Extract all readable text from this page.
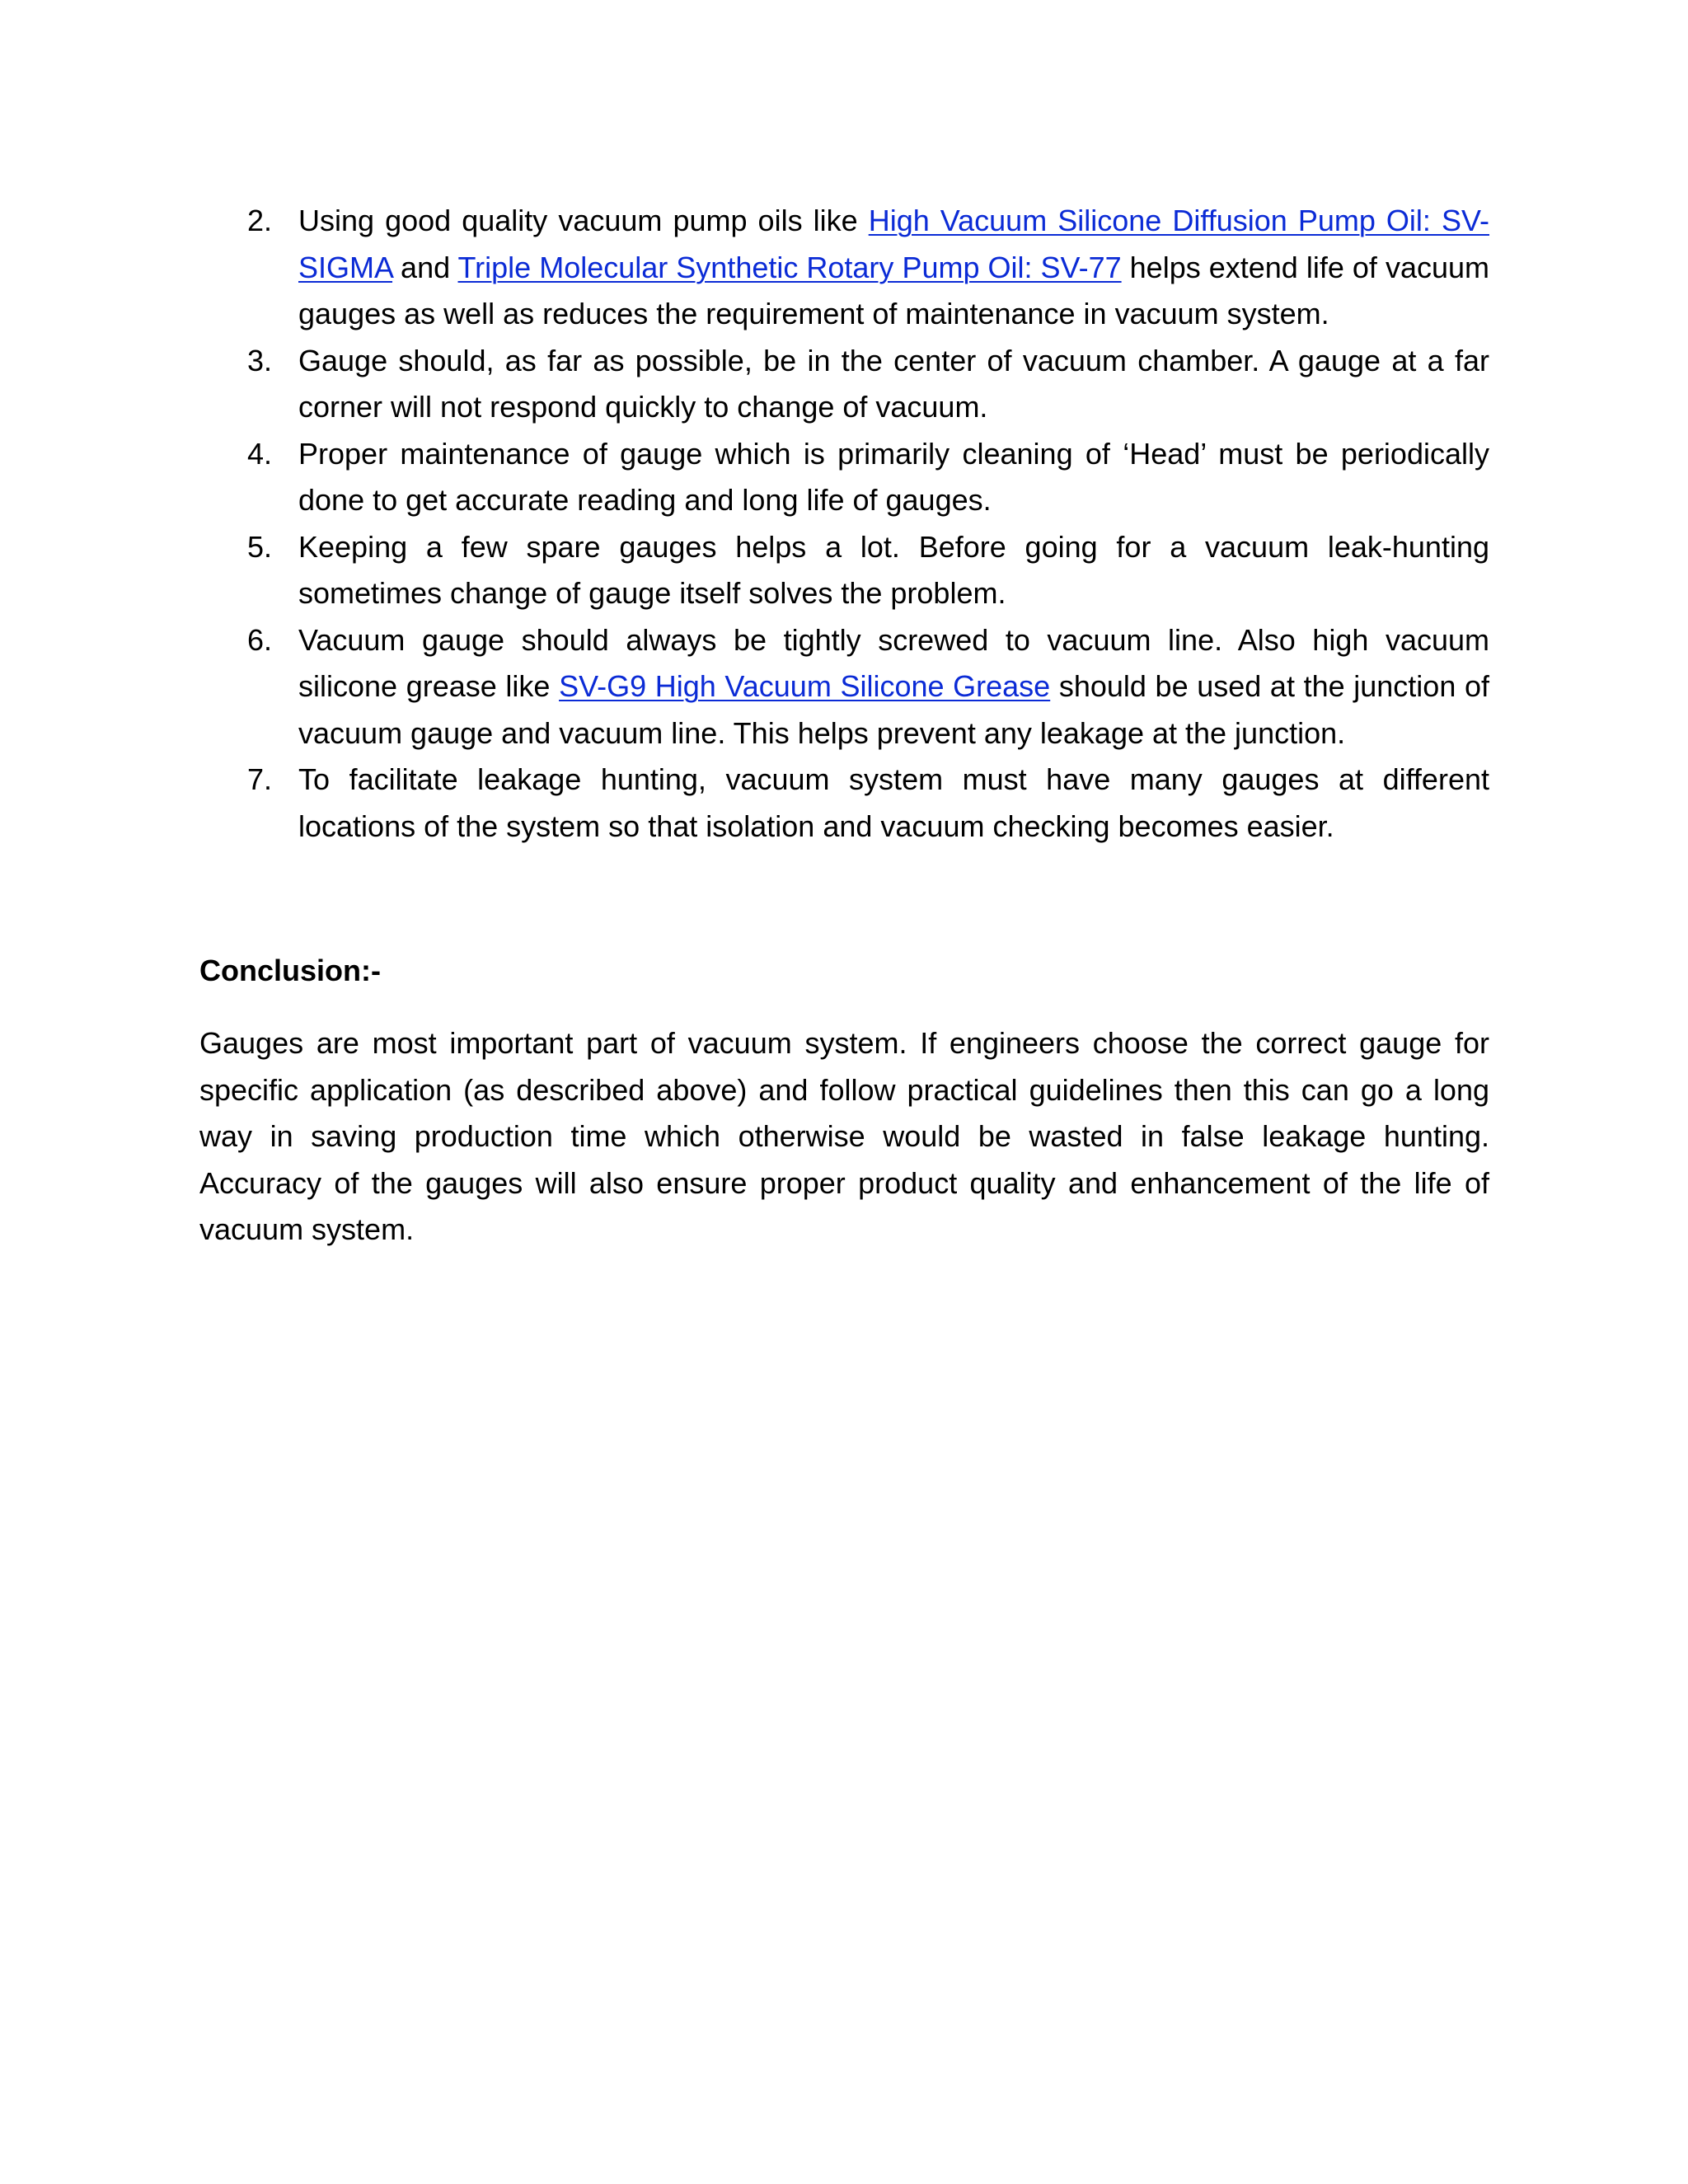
2. Using good quality vacuum pump oils like High Vacuum Silicone Diffusion Pump Oil: SV-SIGMA and Triple Molecular Synthetic Rotary Pump Oil: SV-77 helps extend life of vacuum gauges as well as reduces the requirement of maintenance in vacuum system.
3. Gauge should, as far as possible, be in the center of vacuum chamber. A gauge at a far corner will not respond quickly to change of vacuum.
4. Proper maintenance of gauge which is primarily cleaning of ‘Head’ must be periodically done to get accurate reading and long life of gauges.
5. Keeping a few spare gauges helps a lot. Before going for a vacuum leak-hunting sometimes change of gauge itself solves the problem.
6. Vacuum gauge should always be tightly screwed to vacuum line. Also high vacuum silicone grease like SV-G9 High Vacuum Silicone Grease should be used at the junction of vacuum gauge and vacuum line. This helps prevent any leakage at the junction.
7. To facilitate leakage hunting, vacuum system must have many gauges at different locations of the system so that isolation and vacuum checking becomes easier.
Conclusion:-

Gauges are most important part of vacuum system. If engineers choose the correct gauge for specific application (as described above) and follow practical guidelines then this can go a long way in saving production time which otherwise would be wasted in false leakage hunting. Accuracy of the gauges will also ensure proper product quality and enhancement of the life of vacuum system.
